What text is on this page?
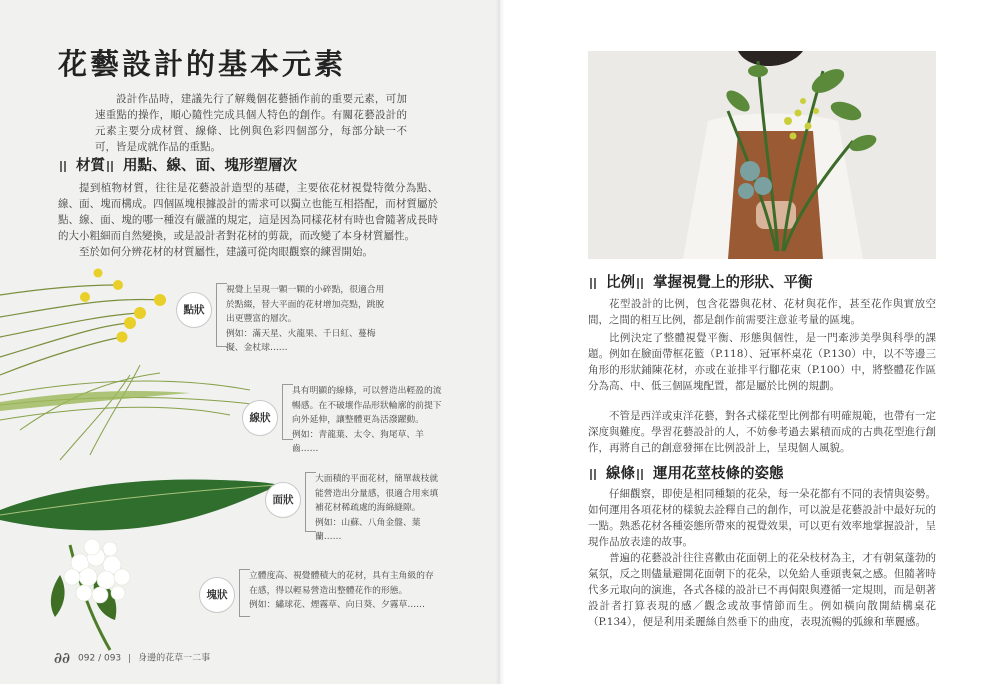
花藝設計的基本元素
設計作品時，建議先行了解幾個花藝插作前的重要元素，可加速重點的操作，順心隨性完成具個人特色的創作。有關花藝設計的元素主要分成材質、線條、比例與色彩四個部分，每部分缺一不可，皆是成就作品的重點。
材質 用點、線、面、塊形塑層次
提到植物材質，往往是花藝設計造型的基礎，主要依花材視覺特徵分為點、線、面、塊而構成。四個區塊根據設計的需求可以獨立也能互相搭配，而材質屬於點、線、面、塊的哪一種沒有嚴謹的規定，這是因為同樣花材有時也會隨著成長時的大小粗細而自然變換，或是設計者對花材的剪裁，而改變了本身材質屬性。
至於如何分辨花材的材質屬性，建議可從肉眼觀察的練習開始。
點狀
視覺上呈現一顆一顆的小碎點，很適合用於點綴，替大平面的花材增加亮點，跳脫出更豐富的層次。
例如：滿天星、火龍果、千日紅、蔓梅擬、金杖球……
線狀
具有明顯的線條，可以營造出輕盈的流暢感。在不破壞作品形狀輪廓的前提下向外延伸，讓整體更為活潑躍動。
例如：青龍葉、太令、狗尾草、羊齒……
面狀
大面積的平面花材，簡單裁枝就能營造出分量感，很適合用來填補花材稀疏處的海綿縫隙。
例如：山蘇、八角金盤、葉蘭……
塊狀
立體度高、視覺體積大的花材，具有主角級的存在感，得以輕易營造出整體花作的形態。
例如：繡球花、煙霧草、向日葵、夕霧草……
∂∂ 092 / 093 身邊的花草一二事
比例 掌握視覺上的形狀、平衡
花型設計的比例，包含花器與花材、花材與花作，甚至花作與實放空間，之間的相互比例，都是創作前需要注意並考量的區塊。
比例決定了整體視覺平衡、形態與個性，是一門牽涉美學與科學的課題。例如在臉面帶框花籃（P.118）、冠軍杯桌花（P.130）中，以不等邊三角形的形狀鋪陳花材，亦或在並排平行腳花束（P.100）中，將整體花作區分為高、中、低三個區塊配置，都是屬於比例的規劃。
不管是西洋或東洋花藝，對各式樣花型比例都有明確規範，也帶有一定深度與難度。學習花藝設計的人，不妨參考過去累積而成的古典花型進行創作，再將自己的創意發揮在比例設計上，呈現個人風貌。
線條 運用花莖枝條的姿態
仔細觀察，即使是相同種類的花朵，每一朵花都有不同的表情與姿勢。如何運用各項花材的樣貌去詮釋自己的創作，可以說是花藝設計中最好玩的一點。熟悉花材各種姿態所帶來的視覺效果，可以更有效率地掌握設計，呈現作品放表達的故事。
普遍的花藝設計往往喜歡由花面朝上的花朵枝材為主，才有朝氣蓬勃的氣氛，反之則儘量避開花面朝下的花朵，以免給人垂頭喪氣之感。但隨著時代多元取向的演進，各式各樣的設計已不再侷限與遵循一定規則，而是朝著設計者打算表現的感／觀念或故事情節而生。例如橫向散開結構桌花（P.134），便是利用柔麗絲自然垂下的曲度，表現流暢的弧線和華麗感。
